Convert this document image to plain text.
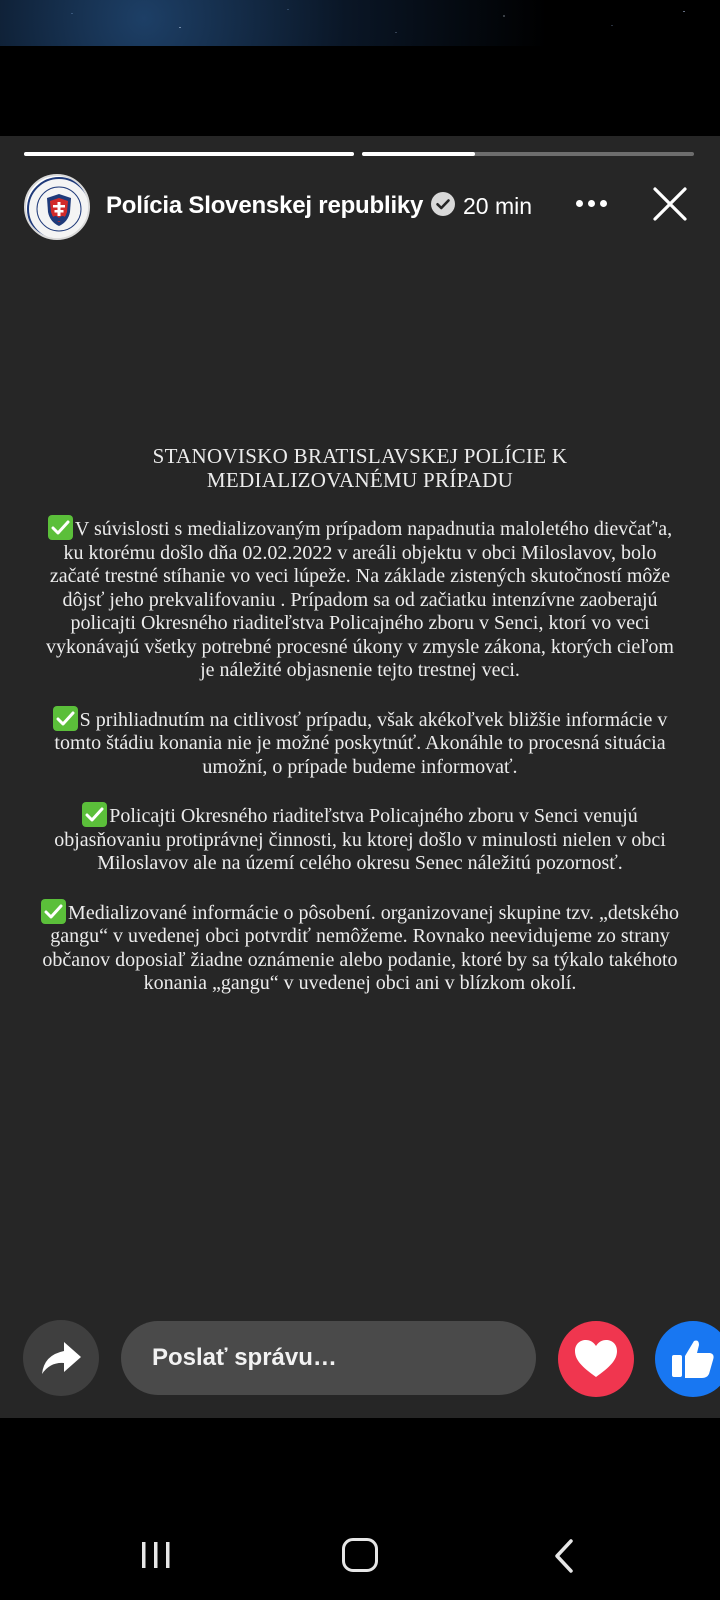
Polícia Slovenskej republiky 20 min
STANOVISKO BRATISLAVSKEJ POLÍCIE K
MEDIALIZOVANÉMU PRÍPADU

V súvislosti s medializovaným prípadom napadnutia maloletého dievčať'a, ku ktorému došlo dňa 02.02.2022 v areáli objektu v obci Miloslavov, bolo začaté trestné stíhanie vo veci lúpeže. Na základe zistených skutočností môže dôjsť jeho prekvalifovaniu . Prípadom sa od začiatku intenzívne zaoberajú policajti Okresného riaditeľstva Policajného zboru v Senci, ktorí vo veci vykonávajú všetky potrebné procesné úkony v zmysle zákona, ktorých cieľom je náležité objasnenie tejto trestnej veci.

S prihliadnutím na citlivosť prípadu, však akékoľvek bližšie informácie v tomto štádiu konania nie je možné poskytnúť. Akonáhle to procesná situácia umožní, o prípade budeme informovať.

Policajti Okresného riaditeľstva Policajného zboru v Senci venujú objasňovaniu protiprávnej činnosti, ku ktorej došlo v minulosti nielen v obci Miloslavov ale na území celého okresu Senec náležitú pozornosť.

Medializované informácie o pôsobení. organizovanej skupine tzv. „detského gangu“ v uvedenej obci potvrdiť nemôžeme. Rovnako neevidujeme zo strany občanov doposiaľ žiadne oznámenie alebo podanie, ktoré by sa týkalo takéhoto konania „gangu“ v uvedenej obci ani v blízkom okolí.

Poslať správu…
